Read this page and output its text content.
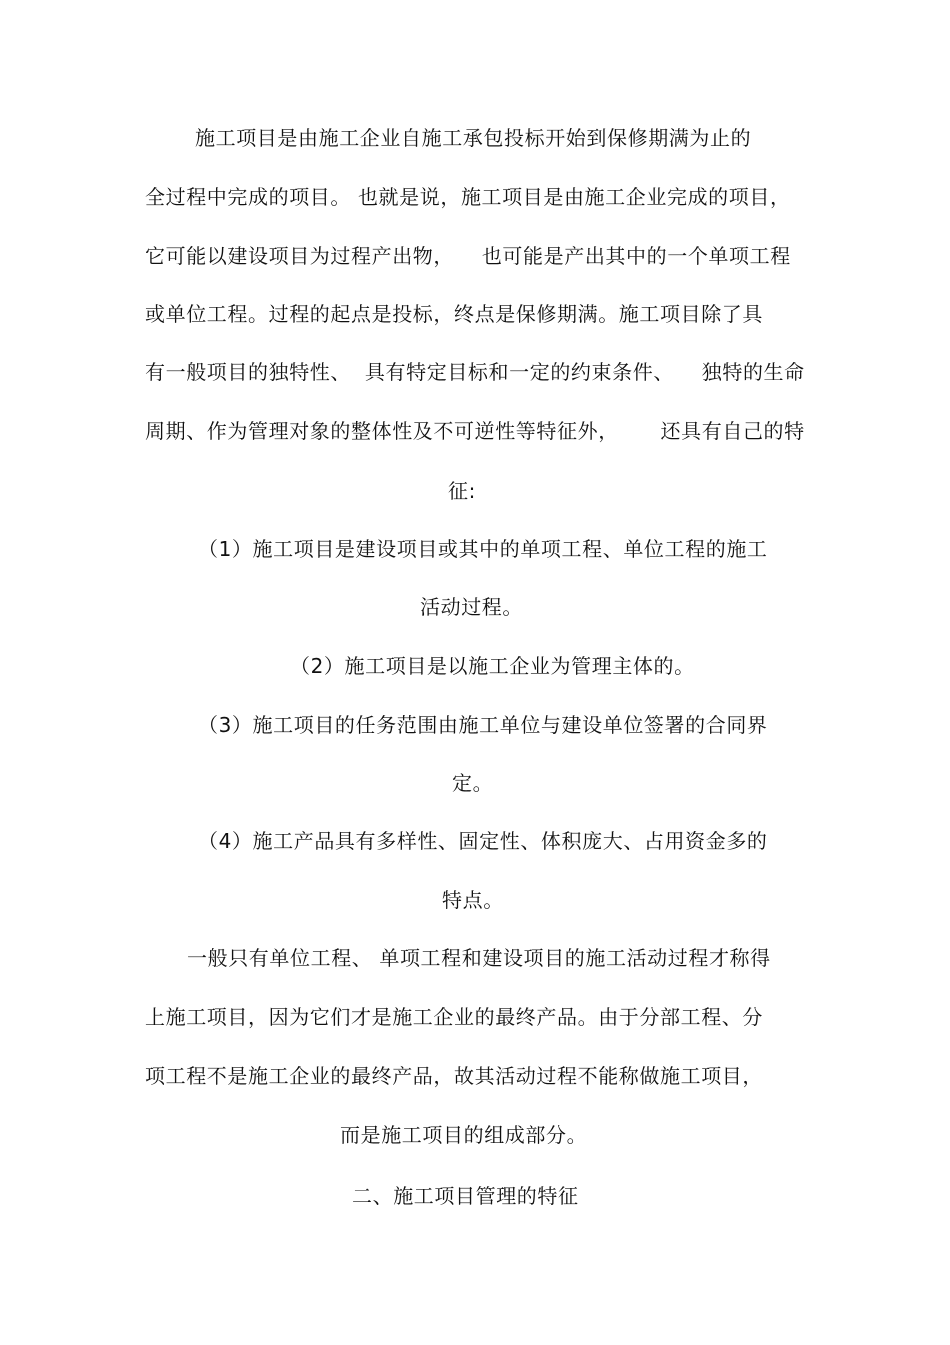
施工项目是由施工企业自施工承包投标开始到保修期满为止的
全过程中完成的项目。 也就是说，施工项目是由施工企业完成的项目，
它可能以建设项目为过程产出物，    也可能是产出其中的一个单项工程
或单位工程。过程的起点是投标，终点是保修期满。施工项目除了具
有一般项目的独特性、  具有特定目标和一定的约束条件、    独特的生命
周期、作为管理对象的整体性及不可逆性等特征外，      还具有自己的特
征:
（1）施工项目是建设项目或其中的单项工程、单位工程的施工
活动过程。
（2）施工项目是以施工企业为管理主体的。
（3）施工项目的任务范围由施工单位与建设单位签署的合同界
定。
（4）施工产品具有多样性、固定性、体积庞大、占用资金多的
特点。
一般只有单位工程、 单项工程和建设项目的施工活动过程才称得
上施工项目，因为它们才是施工企业的最终产品。由于分部工程、分
项工程不是施工企业的最终产品，故其活动过程不能称做施工项目，
而是施工项目的组成部分。
二、施工项目管理的特征
